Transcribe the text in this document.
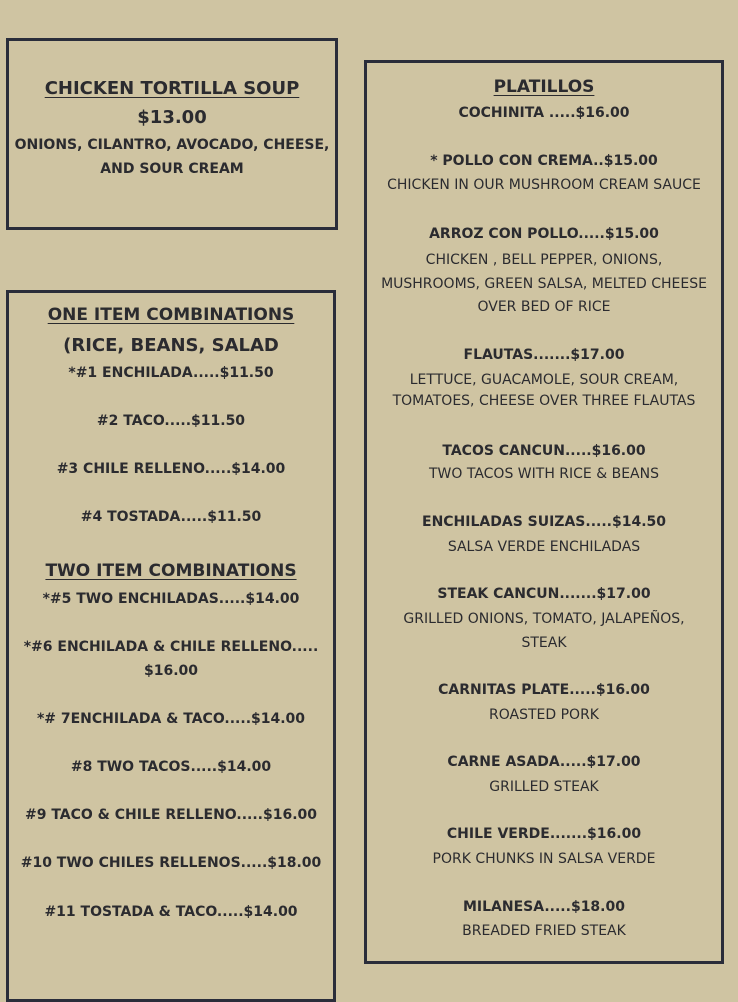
CHICKEN TORTILLA SOUP
$13.00
ONIONS, CILANTRO, AVOCADO, CHEESE,
AND SOUR CREAM
ONE ITEM COMBINATIONS
(RICE, BEANS, SALAD
*#1 ENCHILADA.....$11.50
#2 TACO.....$11.50
#3 CHILE RELLENO.....$14.00
#4 TOSTADA.....$11.50
TWO ITEM COMBINATIONS
*#5 TWO ENCHILADAS.....$14.00
*#6 ENCHILADA & CHILE RELLENO.....
$16.00
*# 7ENCHILADA & TACO.....$14.00
#8 TWO TACOS.....$14.00
#9 TACO & CHILE RELLENO.....$16.00
#10 TWO CHILES RELLENOS.....$18.00
#11 TOSTADA & TACO.....$14.00
PLATILLOS
COCHINITA .....$16.00
* POLLO CON CREMA..$15.00
CHICKEN IN OUR MUSHROOM CREAM SAUCE
ARROZ CON POLLO.....$15.00
CHICKEN , BELL PEPPER, ONIONS,
MUSHROOMS, GREEN SALSA, MELTED CHEESE
OVER BED OF RICE
FLAUTAS.......$17.00
LETTUCE, GUACAMOLE, SOUR CREAM,
TOMATOES, CHEESE OVER THREE FLAUTAS
TACOS CANCUN.....$16.00
TWO TACOS WITH RICE & BEANS
ENCHILADAS SUIZAS.....$14.50
SALSA VERDE ENCHILADAS
STEAK CANCUN.......$17.00
GRILLED ONIONS, TOMATO, JALAPEÑOS,
STEAK
CARNITAS PLATE.....$16.00
ROASTED PORK
CARNE ASADA.....$17.00
GRILLED STEAK
CHILE VERDE.......$16.00
PORK CHUNKS IN SALSA VERDE
MILANESA.....$18.00
BREADED FRIED STEAK
